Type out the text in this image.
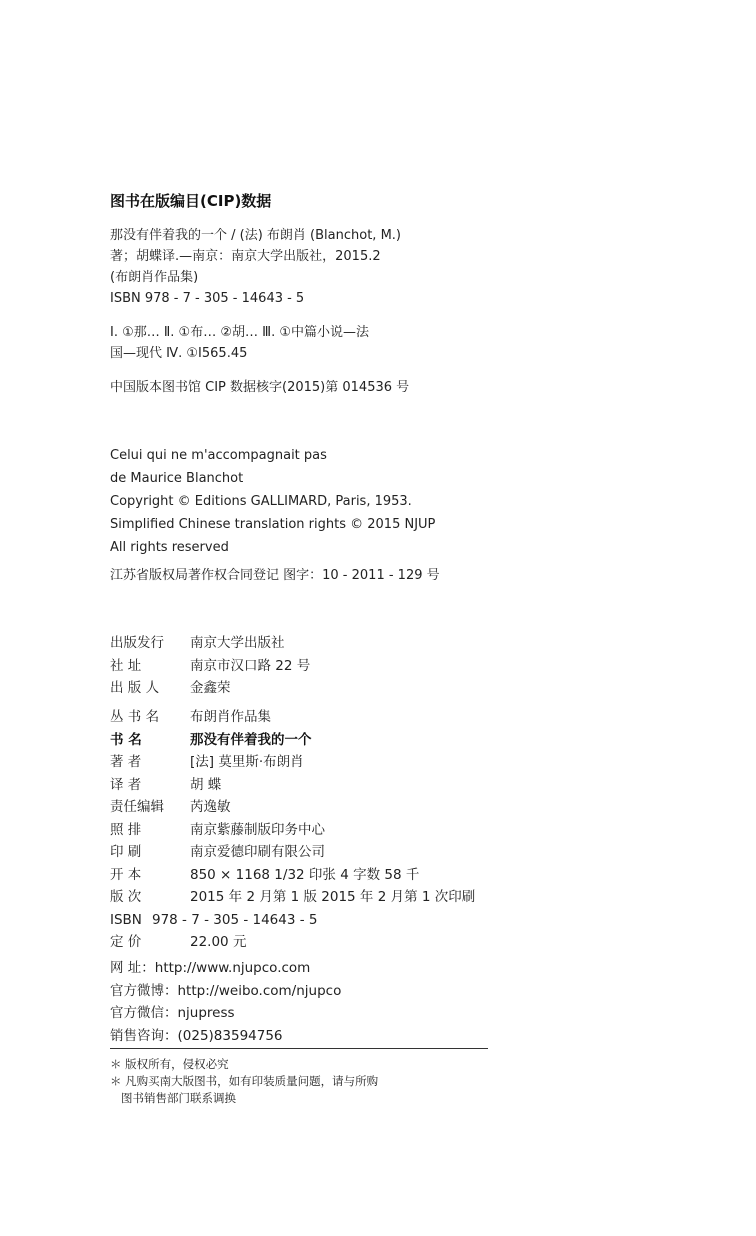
图书在版编目(CIP)数据
那没有伴着我的一个 / (法) 布朗肖 (Blanchot, M.)
著；胡蝶译.—南京：南京大学出版社，2015.2
(布朗肖作品集)
ISBN 978 - 7 - 305 - 14643 - 5
Ⅰ. ①那… Ⅱ. ①布… ②胡… Ⅲ. ①中篇小说—法
国—现代 Ⅳ. ①I565.45
中国版本图书馆 CIP 数据核字(2015)第 014536 号
Celui qui ne m'accompagnait pas
de Maurice Blanchot
Copyright © Editions GALLIMARD, Paris, 1953.
Simplified Chinese translation rights © 2015 NJUP
All rights reserved
江苏省版权局著作权合同登记 图字：10 - 2011 - 129 号
出版发行 南京大学出版社
社 址	南京市汉口路 22 号
出 版 人 金鑫荣
丛 书 名 布朗肖作品集
书 名	那没有伴着我的一个
著 者	[法] 莫里斯·布朗肖
译 者	胡 蝶
责任编辑 芮逸敏
照 排	南京紫藤制版印务中心
印 刷	南京爱德印刷有限公司
开 本	850 × 1168 1/32 印张 4 字数 58 千
版 次	2015 年 2 月第 1 版 2015 年 2 月第 1 次印刷
ISBN 978 - 7 - 305 - 14643 - 5
定 价	22.00 元
网 址：http://www.njupco.com
官方微博：http://weibo.com/njupco
官方微信：njupress
销售咨询：(025)83594756
＊ 版权所有，侵权必究
＊ 凡购买南大版图书，如有印装质量问题，请与所购
图书销售部门联系调换
